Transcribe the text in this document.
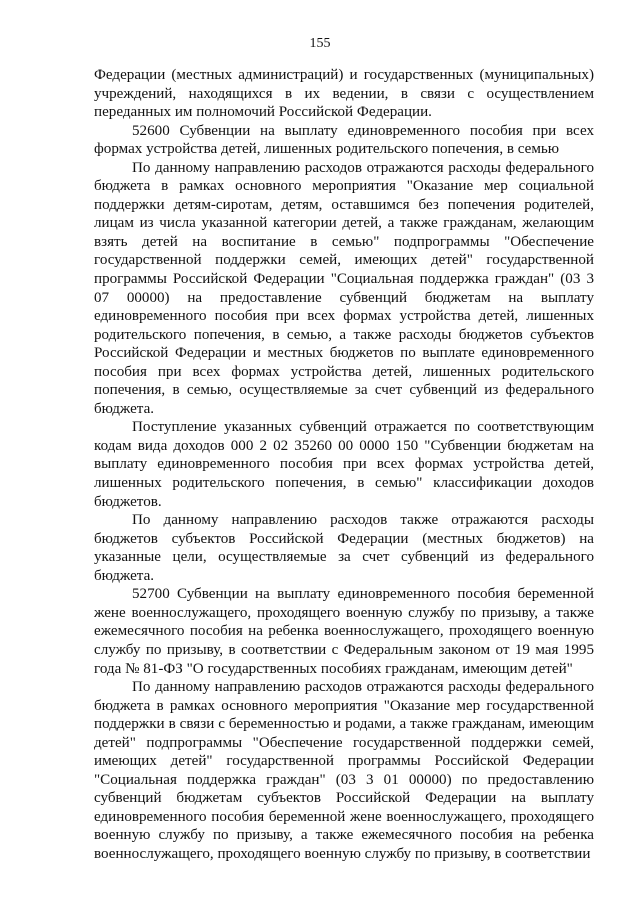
155

Федерации (местных администраций) и государственных (муниципальных) учреждений, находящихся в их ведении, в связи с осуществлением переданных им полномочий Российской Федерации.

52600 Субвенции на выплату единовременного пособия при всех формах устройства детей, лишенных родительского попечения, в семью

По данному направлению расходов отражаются расходы федерального бюджета в рамках основного мероприятия "Оказание мер социальной поддержки детям-сиротам, детям, оставшимся без попечения родителей, лицам из числа указанной категории детей, а также гражданам, желающим взять детей на воспитание в семью" подпрограммы "Обеспечение государственной поддержки семей, имеющих детей" государственной программы Российской Федерации "Социальная поддержка граждан" (03 3 07 00000) на предоставление субвенций бюджетам на выплату единовременного пособия при всех формах устройства детей, лишенных родительского попечения, в семью, а также расходы бюджетов субъектов Российской Федерации и местных бюджетов по выплате единовременного пособия при всех формах устройства детей, лишенных родительского попечения, в семью, осуществляемые за счет субвенций из федерального бюджета.

Поступление указанных субвенций отражается по соответствующим кодам вида доходов 000 2 02 35260 00 0000 150 "Субвенции бюджетам на выплату единовременного пособия при всех формах устройства детей, лишенных родительского попечения, в семью" классификации доходов бюджетов.

По данному направлению расходов также отражаются расходы бюджетов субъектов Российской Федерации (местных бюджетов) на указанные цели, осуществляемые за счет субвенций из федерального бюджета.

52700 Субвенции на выплату единовременного пособия беременной жене военнослужащего, проходящего военную службу по призыву, а также ежемесячного пособия на ребенка военнослужащего, проходящего военную службу по призыву, в соответствии с Федеральным законом от 19 мая 1995 года № 81-ФЗ "О государственных пособиях гражданам, имеющим детей"

По данному направлению расходов отражаются расходы федерального бюджета в рамках основного мероприятия "Оказание мер государственной поддержки в связи с беременностью и родами, а также гражданам, имеющим детей" подпрограммы "Обеспечение государственной поддержки семей, имеющих детей" государственной программы Российской Федерации "Социальная поддержка граждан" (03 3 01 00000) по предоставлению субвенций бюджетам субъектов Российской Федерации на выплату единовременного пособия беременной жене военнослужащего, проходящего военную службу по призыву, а также ежемесячного пособия на ребенка военнослужащего, проходящего военную службу по призыву, в соответствии
